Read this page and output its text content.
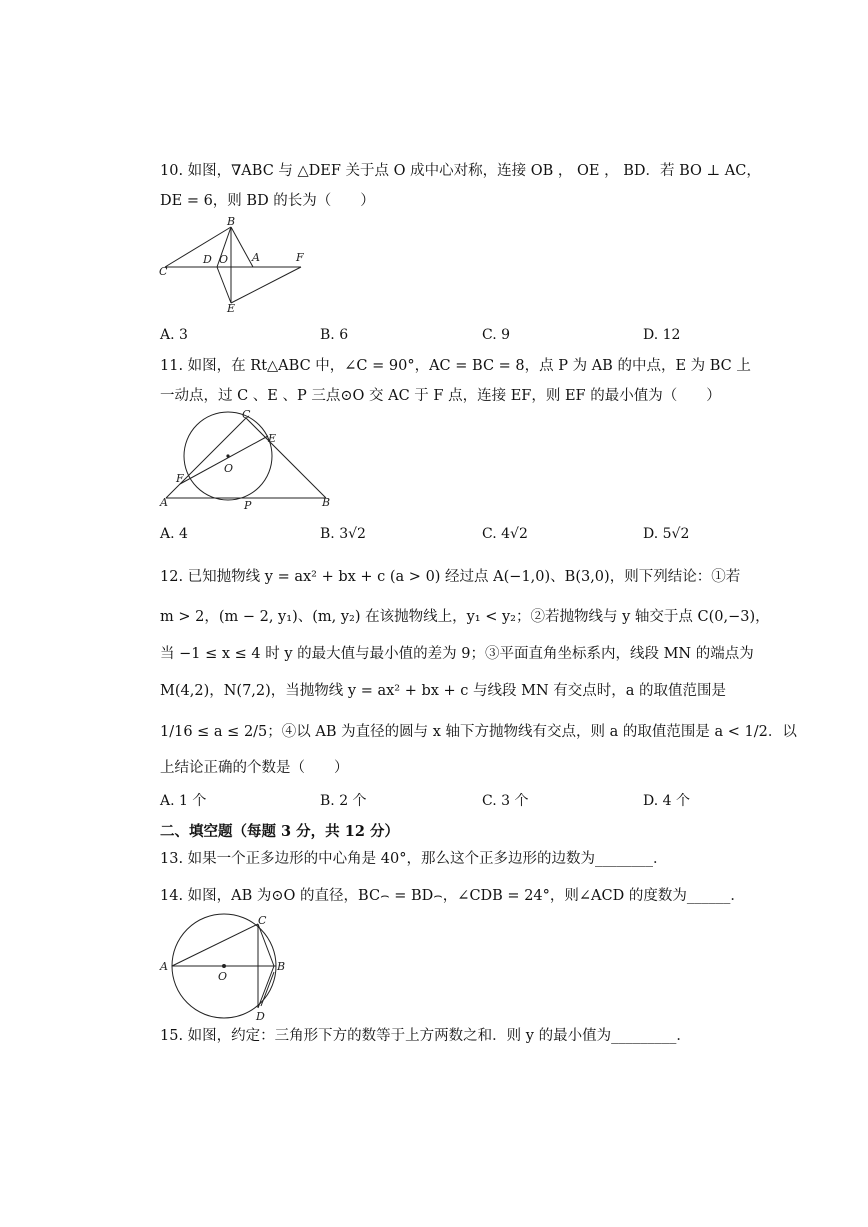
10. 如图，∇ABC 与 △DEF 关于点 O 成中心对称，连接 OB ， OE ， BD．若 BO ⊥ AC，
DE = 6，则 BD 的长为（　　）
B
C
D O A	F
E
A. 3	B. 6	C. 9	D. 12
11. 如图，在 Rt△ABC 中，∠C = 90°，AC = BC = 8，点 P 为 AB 的中点，E 为 BC 上
一动点，过 C 、E 、P 三点⊙O 交 AC 于 F 点，连接 EF，则 EF 的最小值为（　　）
C
E
O
F
A	P	B
A. 4	B. 3√2	C. 4√2	D. 5√2
12. 已知抛物线 y = ax² + bx + c (a > 0) 经过点 A(−1,0)、B(3,0)，则下列结论：①若
m > 2，(m − 2, y₁)、(m, y₂) 在该抛物线上，y₁ < y₂；②若抛物线与 y 轴交于点 C(0,−3)，
当 −1 ≤ x ≤ 4 时 y 的最大值与最小值的差为 9；③平面直角坐标系内，线段 MN 的端点为
M(4,2)，N(7,2)，当抛物线 y = ax² + bx + c 与线段 MN 有交点时，a 的取值范围是
1/16 ≤ a ≤ 2/5；④以 AB 为直径的圆与 x 轴下方抛物线有交点，则 a 的取值范围是 a < 1/2．以
上结论正确的个数是（　　）
A. 1 个	B. 2 个	C. 3 个	D. 4 个
二、填空题（每题 3 分，共 12 分）
13. 如果一个正多边形的中心角是 40°，那么这个正多边形的边数为________．
14. 如图，AB 为⊙O 的直径，BC⌢ = BD⌢，∠CDB = 24°，则∠ACD 的度数为______．
A
O
C
B
D
15. 如图，约定：三角形下方的数等于上方两数之和．则 y 的最小值为_________．
